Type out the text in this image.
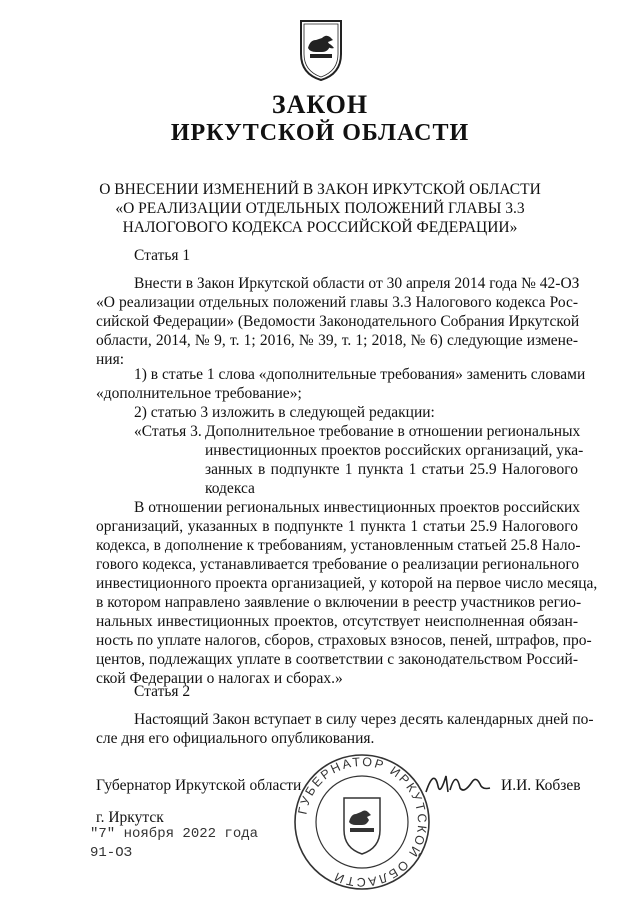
ЗАКОН
ИРКУТСКОЙ ОБЛАСТИ
О ВНЕСЕНИИ ИЗМЕНЕНИЙ В ЗАКОН ИРКУТСКОЙ ОБЛАСТИ
«О РЕАЛИЗАЦИИ ОТДЕЛЬНЫХ ПОЛОЖЕНИЙ ГЛАВЫ 3.3
НАЛОГОВОГО КОДЕКСА РОССИЙСКОЙ ФЕДЕРАЦИИ»
Статья 1
Внести в Закон Иркутской области от 30 апреля 2014 года № 42-ОЗ
«О реализации отдельных положений главы 3.3 Налогового кодекса Рос-
сийской Федерации» (Ведомости Законодательного Собрания Иркутской
области, 2014, № 9, т. 1; 2016, № 39, т. 1; 2018, № 6) следующие измене-
ния:
1) в статье 1 слова «дополнительные требования» заменить словами
«дополнительное требование»;
2) статью 3 изложить в следующей редакции:
«Статья 3. Дополнительное требование в отношении региональных
инвестиционных проектов российских организаций, ука-
занных в подпункте 1 пункта 1 статьи 25.9 Налогового
кодекса
В отношении региональных инвестиционных проектов российских
организаций, указанных в подпункте 1 пункта 1 статьи 25.9 Налогового
кодекса, в дополнение к требованиям, установленным статьей 25.8 Нало-
гового кодекса, устанавливается требование о реализации регионального
инвестиционного проекта организацией, у которой на первое число месяца,
в котором направлено заявление о включении в реестр участников регио-
нальных инвестиционных проектов, отсутствует неисполненная обязан-
ность по уплате налогов, сборов, страховых взносов, пеней, штрафов, про-
центов, подлежащих уплате в соответствии с законодательством Россий-
ской Федерации о налогах и сборах.»
Статья 2
Настоящий Закон вступает в силу через десять календарных дней по-
сле дня его официального опубликования.
ГУБЕРНАТОР ИРКУТСКОЙ ОБЛАСТИ
Губернатор Иркутской области	И.И. Кобзев
г. Иркутск
"7" ноября 2022 года
91-ОЗ
